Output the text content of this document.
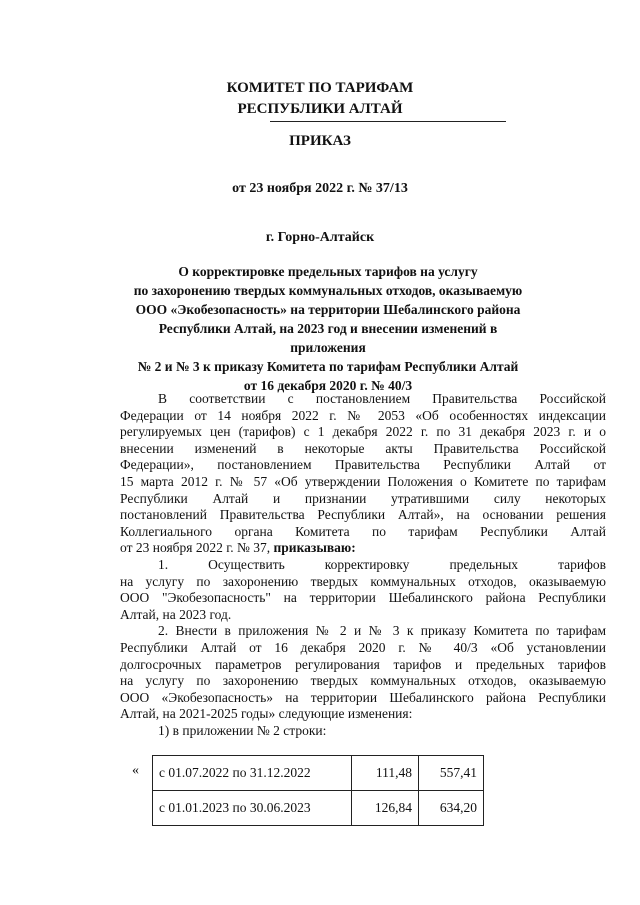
КОМИТЕТ ПО ТАРИФАМ
РЕСПУБЛИКИ АЛТАЙ
ПРИКАЗ
от 23 ноября 2022 г. № 37/13
г. Горно-Алтайск
О корректировке предельных тарифов на услугу
по захоронению твердых коммунальных отходов, оказываемую
ООО «Экобезопасность» на территории Шебалинского района
Республики Алтай, на 2023 год и внесении изменений в приложения
№ 2 и № 3 к приказу Комитета по тарифам Республики Алтай
от 16 декабря 2020 г. № 40/3

В соответствии с постановлением Правительства Российской

Федерации от 14 ноября 2022 г. № 2053 «Об особенностях индексации

регулируемых цен (тарифов) с 1 декабря 2022 г. по 31 декабря 2023 г. и о

внесении изменений в некоторые акты Правительства Российской

Федерации», постановлением Правительства Республики Алтай от

15 марта 2012 г. № 57 «Об утверждении Положения о Комитете по тарифам

Республики Алтай и признании утратившими силу некоторых

постановлений Правительства Республики Алтай», на основании решения

Коллегиального органа Комитета по тарифам Республики Алтай

от 23 ноября 2022 г. № 37, приказываю:

1. Осуществить корректировку предельных тарифов

на услугу по захоронению твердых коммунальных отходов, оказываемую

ООО "Экобезопасность" на территории Шебалинского района Республики

Алтай, на 2023 год.

2. Внести в приложения № 2 и № 3 к приказу Комитета по тарифам

Республики Алтай от 16 декабря 2020 г. № 40/3 «Об установлении

долгосрочных параметров регулирования тарифов и предельных тарифов

на услугу по захоронению твердых коммунальных отходов, оказываемую

ООО «Экобезопасность» на территории Шебалинского района Республики

Алтай, на 2021-2025 годы» следующие изменения:

1) в приложении № 2 строки:

« с 01.07.2022 по 31.12.2022	111,48	557,41
с 01.01.2023 по 30.06.2023	126,84	634,20
